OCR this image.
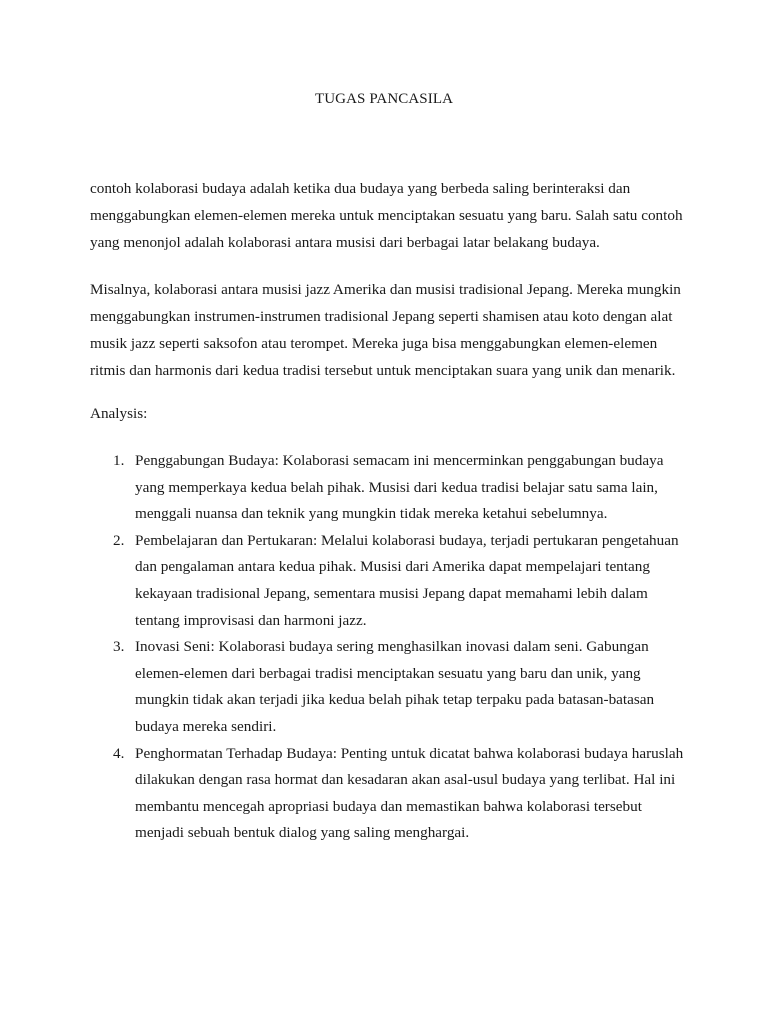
TUGAS PANCASILA

contoh kolaborasi budaya adalah ketika dua budaya yang berbeda saling berinteraksi dan menggabungkan elemen-elemen mereka untuk menciptakan sesuatu yang baru. Salah satu contoh yang menonjol adalah kolaborasi antara musisi dari berbagai latar belakang budaya.

Misalnya, kolaborasi antara musisi jazz Amerika dan musisi tradisional Jepang. Mereka mungkin menggabungkan instrumen-instrumen tradisional Jepang seperti shamisen atau koto dengan alat musik jazz seperti saksofon atau terompet. Mereka juga bisa menggabungkan elemen-elemen ritmis dan harmonis dari kedua tradisi tersebut untuk menciptakan suara yang unik dan menarik.

Analysis:

1. Penggabungan Budaya: Kolaborasi semacam ini mencerminkan penggabungan budaya yang memperkaya kedua belah pihak. Musisi dari kedua tradisi belajar satu sama lain, menggali nuansa dan teknik yang mungkin tidak mereka ketahui sebelumnya.
2. Pembelajaran dan Pertukaran: Melalui kolaborasi budaya, terjadi pertukaran pengetahuan dan pengalaman antara kedua pihak. Musisi dari Amerika dapat mempelajari tentang kekayaan tradisional Jepang, sementara musisi Jepang dapat memahami lebih dalam tentang improvisasi dan harmoni jazz.
3. Inovasi Seni: Kolaborasi budaya sering menghasilkan inovasi dalam seni. Gabungan elemen-elemen dari berbagai tradisi menciptakan sesuatu yang baru dan unik, yang mungkin tidak akan terjadi jika kedua belah pihak tetap terpaku pada batasan-batasan budaya mereka sendiri.
4. Penghormatan Terhadap Budaya: Penting untuk dicatat bahwa kolaborasi budaya haruslah dilakukan dengan rasa hormat dan kesadaran akan asal-usul budaya yang terlibat. Hal ini membantu mencegah apropriasi budaya dan memastikan bahwa kolaborasi tersebut menjadi sebuah bentuk dialog yang saling menghargai.
